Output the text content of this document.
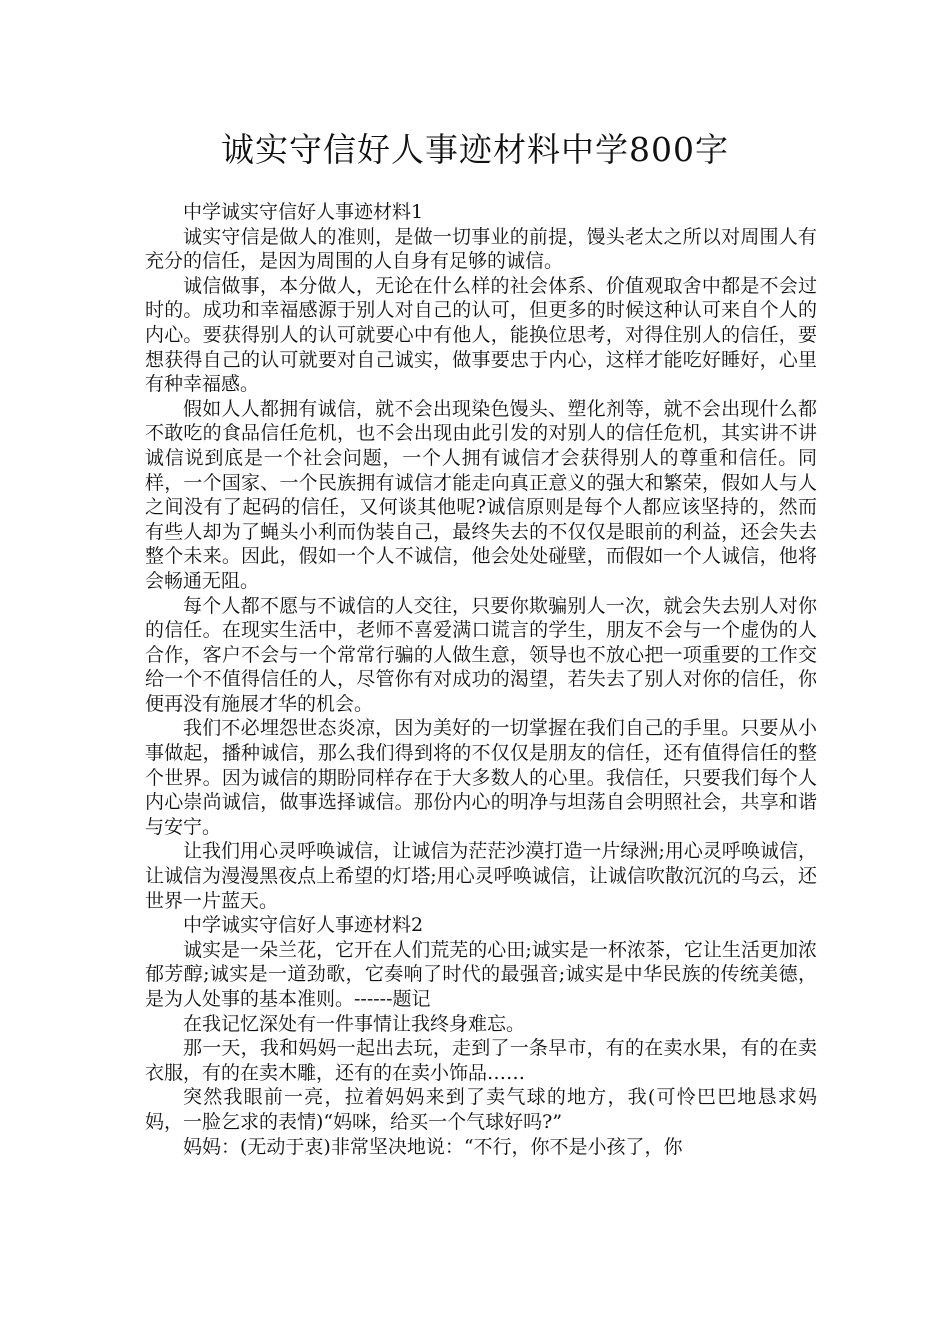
诚实守信好人事迹材料中学800字

中学诚实守信好人事迹材料1

诚实守信是做人的准则，是做一切事业的前提，馒头老太之所以对周围人有充分的信任，是因为周围的人自身有足够的诚信。

诚信做事，本分做人，无论在什么样的社会体系、价值观取舍中都是不会过时的。成功和幸福感源于别人对自己的认可，但更多的时候这种认可来自个人的内心。要获得别人的认可就要心中有他人，能换位思考，对得住别人的信任，要想获得自己的认可就要对自己诚实，做事要忠于内心，这样才能吃好睡好，心里有种幸福感。

假如人人都拥有诚信，就不会出现染色馒头、塑化剂等，就不会出现什么都不敢吃的食品信任危机，也不会出现由此引发的对别人的信任危机，其实讲不讲诚信说到底是一个社会问题，一个人拥有诚信才会获得别人的尊重和信任。同样，一个国家、一个民族拥有诚信才能走向真正意义的强大和繁荣，假如人与人之间没有了起码的信任，又何谈其他呢?诚信原则是每个人都应该坚持的，然而有些人却为了蝇头小利而伪装自己，最终失去的不仅仅是眼前的利益，还会失去整个未来。因此，假如一个人不诚信，他会处处碰壁，而假如一个人诚信，他将会畅通无阻。

每个人都不愿与不诚信的人交往，只要你欺骗别人一次，就会失去别人对你的信任。在现实生活中，老师不喜爱满口谎言的学生，朋友不会与一个虚伪的人合作，客户不会与一个常常行骗的人做生意，领导也不放心把一项重要的工作交给一个不值得信任的人，尽管你有对成功的渴望，若失去了别人对你的信任，你便再没有施展才华的机会。

我们不必埋怨世态炎凉，因为美好的一切掌握在我们自己的手里。只要从小事做起，播种诚信，那么我们得到将的不仅仅是朋友的信任，还有值得信任的整个世界。因为诚信的期盼同样存在于大多数人的心里。我信任，只要我们每个人内心崇尚诚信，做事选择诚信。那份内心的明净与坦荡自会明照社会，共享和谐与安宁。

让我们用心灵呼唤诚信，让诚信为茫茫沙漠打造一片绿洲;用心灵呼唤诚信，让诚信为漫漫黑夜点上希望的灯塔;用心灵呼唤诚信，让诚信吹散沉沉的乌云，还世界一片蓝天。

中学诚实守信好人事迹材料2

诚实是一朵兰花，它开在人们荒芜的心田;诚实是一杯浓茶，它让生活更加浓郁芳醇;诚实是一道劲歌，它奏响了时代的最强音;诚实是中华民族的传统美德，是为人处事的基本准则。------题记

在我记忆深处有一件事情让我终身难忘。

那一天，我和妈妈一起出去玩，走到了一条早市，有的在卖水果，有的在卖衣服，有的在卖木雕，还有的在卖小饰品……

突然我眼前一亮，拉着妈妈来到了卖气球的地方，我(可怜巴巴地恳求妈妈，一脸乞求的表情)“妈咪，给买一个气球好吗?”

妈妈：(无动于衷)非常坚决地说：“不行，你不是小孩了，你
